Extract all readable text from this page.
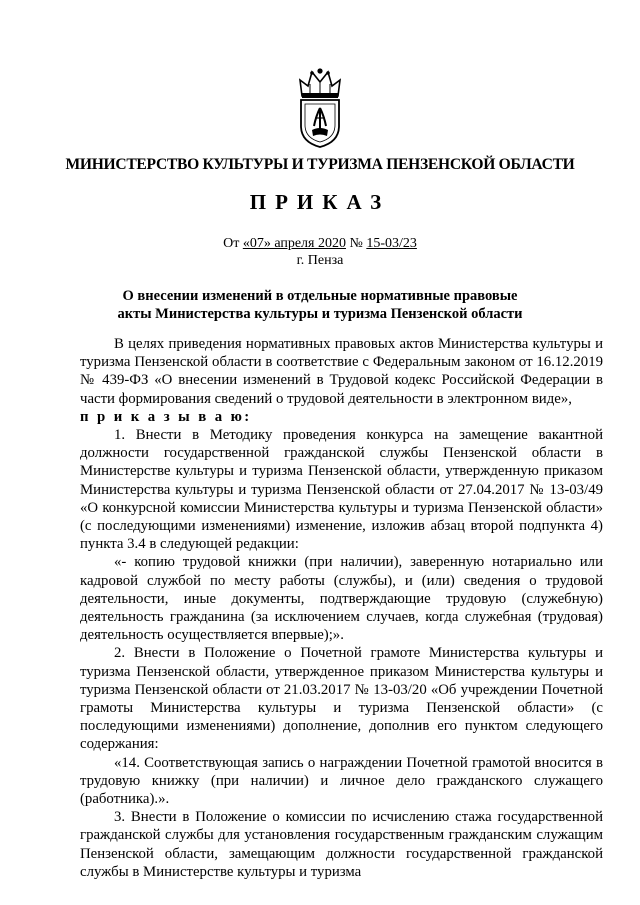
МИНИСТЕРСТВО КУЛЬТУРЫ И ТУРИЗМА ПЕНЗЕНСКОЙ ОБЛАСТИ
ПРИКАЗ
От «07» апреля 2020 № 15-03/23
г. Пенза
О внесении изменений в отдельные нормативные правовые
акты Министерства культуры и туризма Пензенской области

В целях приведения нормативных правовых актов Министерства культуры и туризма Пензенской области в соответствие с Федеральным законом от 16.12.2019 № 439-ФЗ «О внесении изменений в Трудовой кодекс Российской Федерации в части формирования сведений о трудовой деятельности в электронном виде»,

п р и к а з ы в а ю:

1. Внести в Методику проведения конкурса на замещение вакантной должности государственной гражданской службы Пензенской области в Министерстве культуры и туризма Пензенской области, утвержденную приказом Министерства культуры и туризма Пензенской области от 27.04.2017 № 13-03/49 «О конкурсной комиссии Министерства культуры и туризма Пензенской области» (с последующими изменениями) изменение, изложив абзац второй подпункта 4) пункта 3.4 в следующей редакции:

«- копию трудовой книжки (при наличии), заверенную нотариально или кадровой службой по месту работы (службы), и (или) сведения о трудовой деятельности, иные документы, подтверждающие трудовую (служебную) деятельность гражданина (за исключением случаев, когда служебная (трудовая) деятельность осуществляется впервые);».

2. Внести в Положение о Почетной грамоте Министерства культуры и туризма Пензенской области, утвержденное приказом Министерства культуры и туризма Пензенской области от 21.03.2017 № 13-03/20 «Об учреждении Почетной грамоты Министерства культуры и туризма Пензенской области» (с последующими изменениями) дополнение, дополнив его пунктом следующего содержания:

«14. Соответствующая запись о награждении Почетной грамотой вносится в трудовую книжку (при наличии) и личное дело гражданского служащего (работника).».

3. Внести в Положение о комиссии по исчислению стажа государственной гражданской службы для установления государственным гражданским служащим Пензенской области, замещающим должности государственной гражданской службы в Министерстве культуры и туризма
